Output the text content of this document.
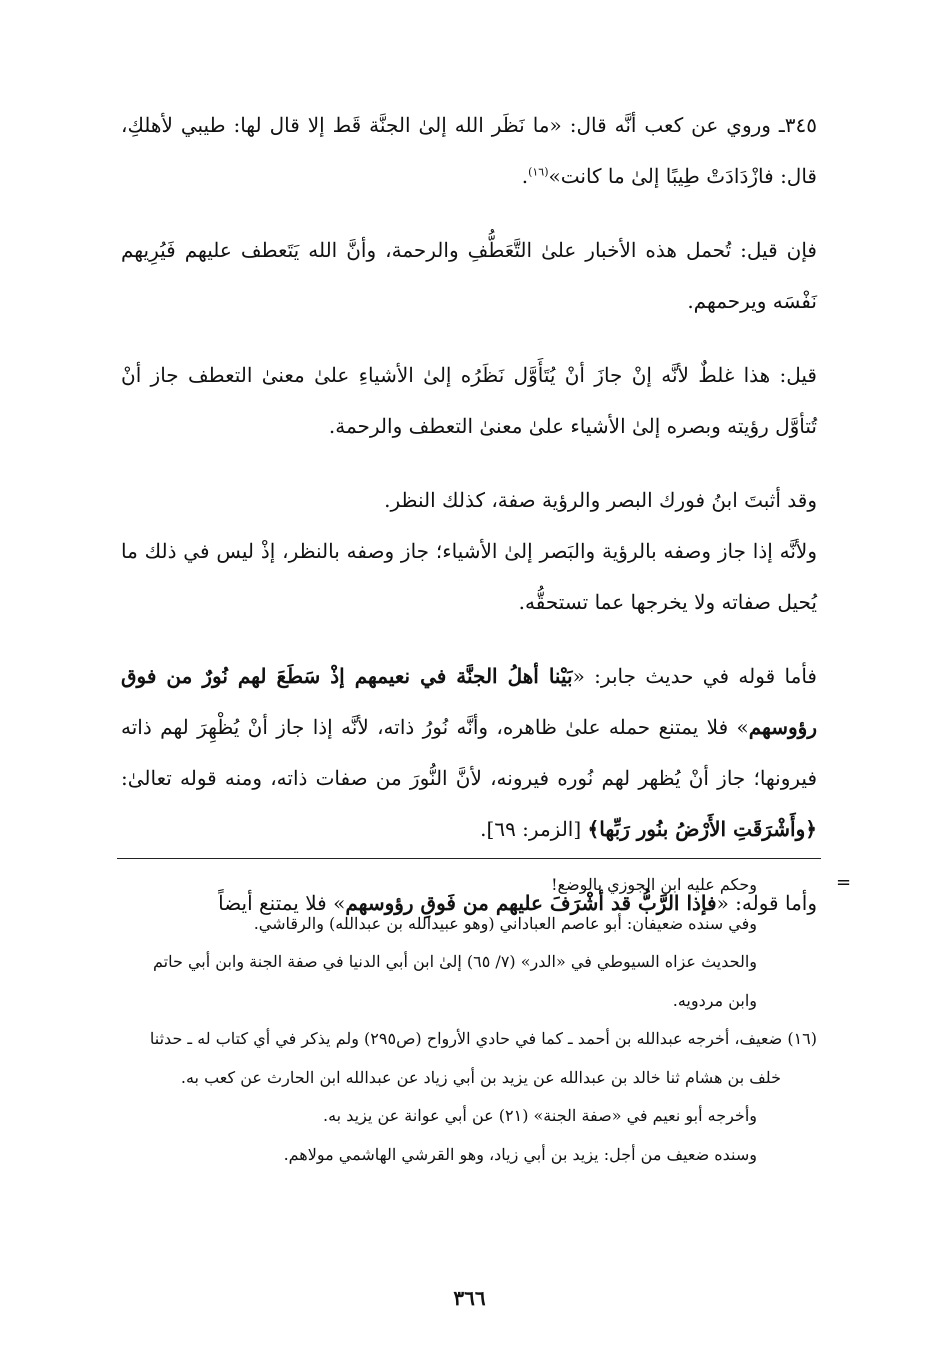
٣٤٥ـ وروي عن كعب أنَّه قال: «ما نَظَر الله إلىٰ الجنَّة قَط إلا قال لها: طيبي لأهلكِ، قال: فازْدَادَتْ طِيبًا إلىٰ ما كانت»$^{(١٦)}$.

فإن قيل: تُحمل هذه الأخبار علىٰ التَّعَطُّفِ والرحمة، وأنَّ الله يَتَعطف عليهم فَيُرِيهم نَفْسَه ويرحمهم.

قيل: هذا غلطٌ لأنَّه إنْ جازَ أنْ يُتَأَوَّل نَظَرُه إلىٰ الأشياءِ علىٰ معنىٰ التعطف جاز أنْ تُتأوَّل رؤيته وبصره إلىٰ الأشياء علىٰ معنىٰ التعطف والرحمة.

وقد أثبتَ ابنُ فورك البصر والرؤية صفة، كذلك النظر.

ولأنَّه إذا جاز وصفه بالرؤية والبَصر إلىٰ الأشياء؛ جاز وصفه بالنظر، إذْ ليس في ذلك ما يُحيل صفاته ولا يخرجها عما تستحقُّه.

فأما قوله في حديث جابر: «بَيْنا أهلُ الجنَّة في نعيمهم إذْ سَطَعَ لهم نُورٌ من فوق رؤوسهم» فلا يمتنع حمله علىٰ ظاهره، وأنَّه نُورُ ذاته، لأنَّه إذا جاز أنْ يُظْهِرَ لهم ذاته فيرونها؛ جاز أنْ يُظهر لهم نُوره فيرونه، لأنَّ النُّورَ من صفات ذاته، ومنه قوله تعالىٰ: ﴿وأَشْرَقَتِ الأَرْضُ بنُور رَبِّها﴾ [الزمر: ٦٩].

وأما قوله: «فإذا الرَّبُّ قد أشْرَفَ عليهم من فَوقِ رؤوسهم» فلا يمتنع أيضاً

=

وحكم عليه ابن الجوزي بالوضع!

وفي سنده ضعيفان: أبو عاصم العباداني (وهو عبيدالله بن عبدالله) والرقاشي.

والحديث عزاه السيوطي في «الدر» (٧/ ٦٥) إلىٰ ابن أبي الدنيا في صفة الجنة وابن أبي حاتم وابن مردويه.

(١٦) ضعيف، أخرجه عبدالله بن أحمد ـ كما في حادي الأرواح (ص٢٩٥) ولم يذكر في أي كتاب له ـ حدثنا خلف بن هشام ثنا خالد بن عبدالله عن يزيد بن أبي زياد عن عبدالله ابن الحارث عن كعب به.

وأخرجه أبو نعيم في «صفة الجنة» (٢١) عن أبي عوانة عن يزيد به.

وسنده ضعيف من أجل: يزيد بن أبي زياد، وهو القرشي الهاشمي مولاهم.

٣٦٦
